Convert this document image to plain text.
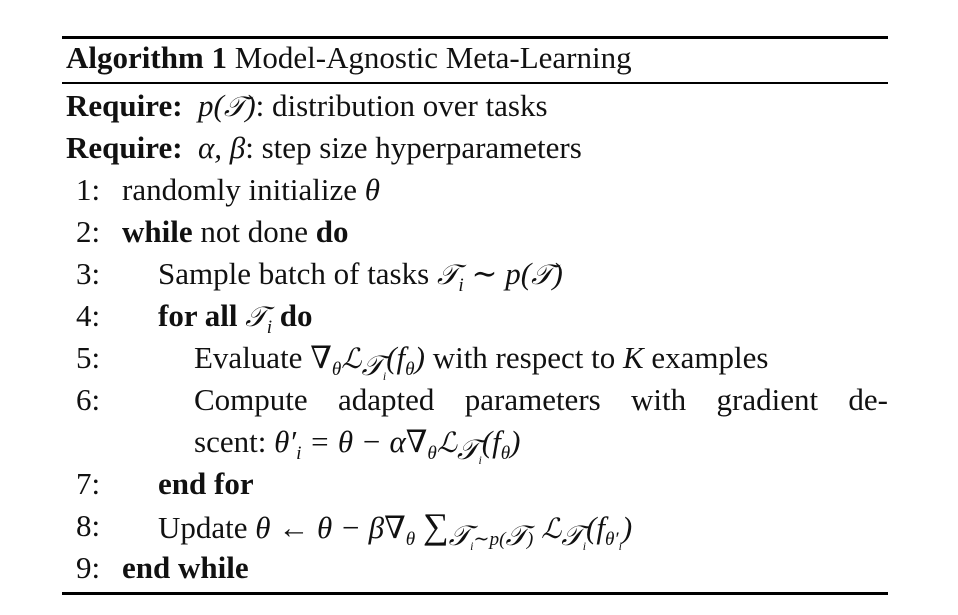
Algorithm 1 Model-Agnostic Meta-Learning
Require:  p(𝒯): distribution over tasks
Require:  α, β: step size hyperparameters
1: randomly initialize θ
2: while not done do
3:	Sample batch of tasks 𝒯$_i$ ∼ p(𝒯)
4:	for all 𝒯$_i$ do
5:	Evaluate $\nabla_\theta ℒ_{𝒯_i}(f_\theta)$ with respect to K examples
6:	Compute adapted parameters with gradient de-
scent: $\theta'_i = \theta$ − $\alpha\nabla_\theta ℒ_{𝒯_i}(f_\theta)$
7:	end for
8:	Update θ ← $\theta - \beta\nabla_\theta$ $\sum_{𝒯_i\sim p(𝒯)}$ $ℒ_{𝒯_i}(f_{\theta'_i})$
9: end while
